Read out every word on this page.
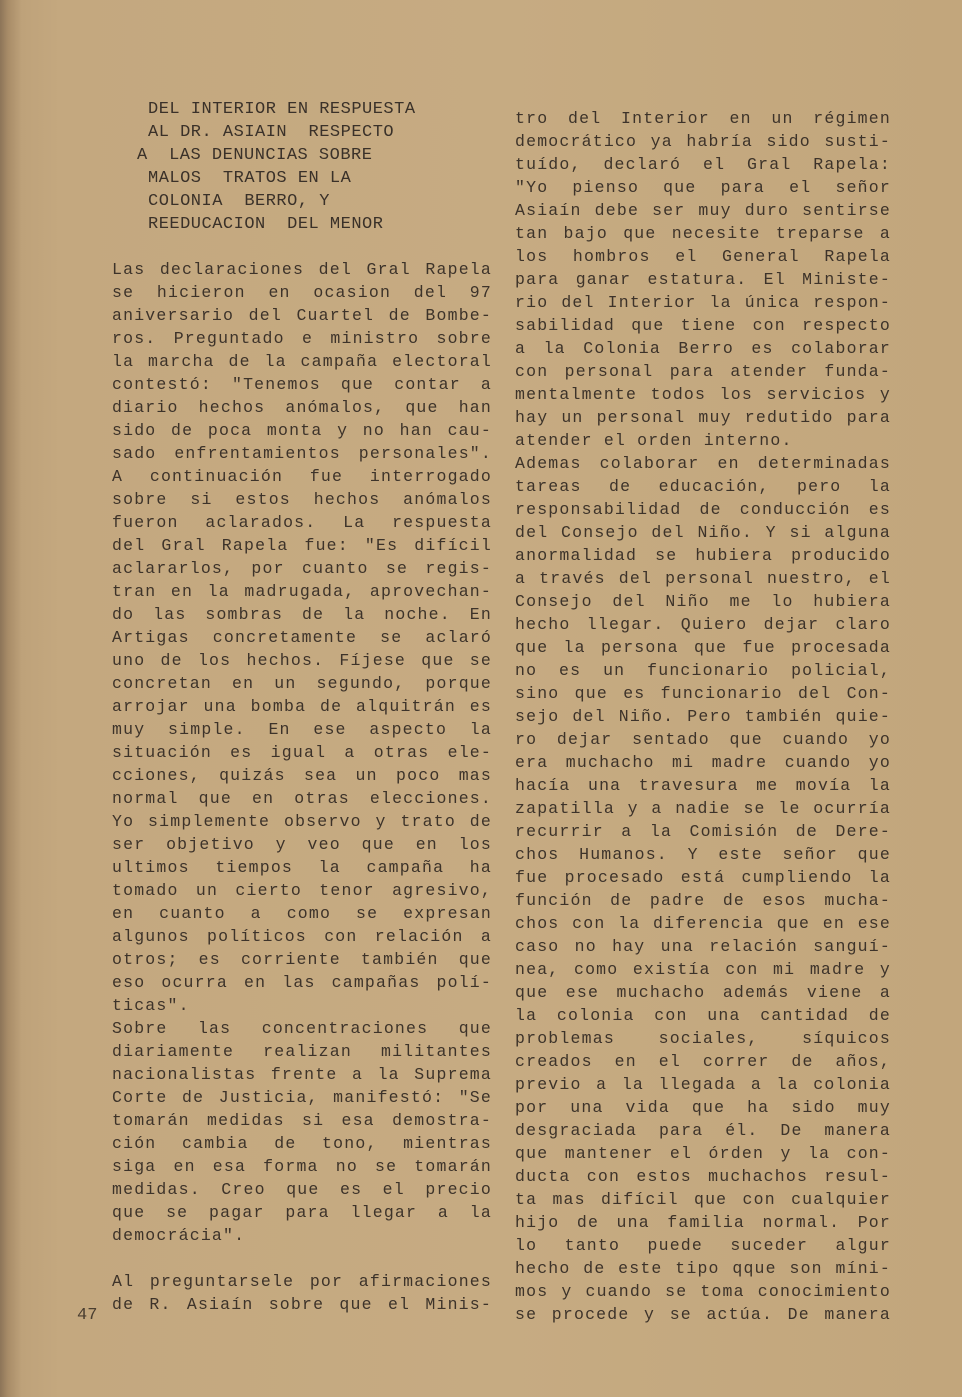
DEL INTERIOR EN RESPUESTA
AL DR. ASIAIN  RESPECTO
A  LAS DENUNCIAS SOBRE
MALOS  TRATOS EN LA
COLONIA  BERRO, Y
REEDUCACION  DEL MENOR
Las declaraciones del Gral Rapela
se hicieron en ocasion del 97
aniversario del Cuartel de Bombe-
ros. Preguntado e ministro sobre
la marcha de la campaña electoral
contestó: "Tenemos que contar a
diario hechos anómalos, que han
sido de poca monta y no han cau-
sado enfrentamientos personales".
A continuación fue interrogado
sobre si estos hechos anómalos
fueron aclarados. La respuesta
del Gral Rapela fue: "Es difícil
aclararlos, por cuanto se regis-
tran en la madrugada, aprovechan-
do las sombras de la noche. En
Artigas concretamente se aclaró
uno de los hechos. Fíjese que se
concretan en un segundo, porque
arrojar una bomba de alquitrán es
muy simple. En ese aspecto la
situación es igual a otras ele-
cciones, quizás sea un poco mas
normal que en otras elecciones.
Yo simplemente observo y trato de
ser objetivo y veo que en los
ultimos tiempos la campaña ha
tomado un cierto tenor agresivo,
en cuanto a como se expresan
algunos políticos con relación a
otros; es corriente también que
eso ocurra en las campañas polí-
ticas".
Sobre las concentraciones que
diariamente realizan militantes
nacionalistas frente a la Suprema
Corte de Justicia, manifestó: "Se
tomarán medidas si esa demostra-
ción cambia de tono, mientras
siga en esa forma no se tomarán
medidas. Creo que es el precio
que se pagar para llegar a la
democrácia".
Al preguntarsele por afirmaciones
de R. Asiaín sobre que el Minis-
tro del Interior en un régimen
democrático ya habría sido susti-
tuído, declaró el Gral Rapela:
"Yo pienso que para el señor
Asiaín debe ser muy duro sentirse
tan bajo que necesite treparse a
los hombros el General Rapela
para ganar estatura. El Ministe-
rio del Interior la única respon-
sabilidad que tiene con respecto
a la Colonia Berro es colaborar
con personal para atender funda-
mentalmente todos los servicios y
hay un personal muy redutido para
atender el orden interno.
Ademas colaborar en determinadas
tareas de educación, pero la
responsabilidad de conducción es
del Consejo del Niño. Y si alguna
anormalidad se hubiera producido
a través del personal nuestro, el
Consejo del Niño me lo hubiera
hecho llegar. Quiero dejar claro
que la persona que fue procesada
no es un funcionario policial,
sino que es funcionario del Con-
sejo del Niño. Pero también quie-
ro dejar sentado que cuando yo
era muchacho mi madre cuando yo
hacía una travesura me movía la
zapatilla y a nadie se le ocurría
recurrir a la Comisión de Dere-
chos Humanos. Y este señor que
fue procesado está cumpliendo la
función de padre de esos mucha-
chos con la diferencia que en ese
caso no hay una relación sanguí-
nea, como existía con mi madre y
que ese muchacho además viene a
la colonia con una cantidad de
problemas sociales, síquicos
creados en el correr de años,
previo a la llegada a la colonia
por una vida que ha sido muy
desgraciada para él. De manera
que mantener el órden y la con-
ducta con estos muchachos resul-
ta mas difícil que con cualquier
hijo de una familia normal. Por
lo tanto puede suceder algur
hecho de este tipo qque son míni-
mos y cuando se toma conocimiento
se procede y se actúa. De manera
47
